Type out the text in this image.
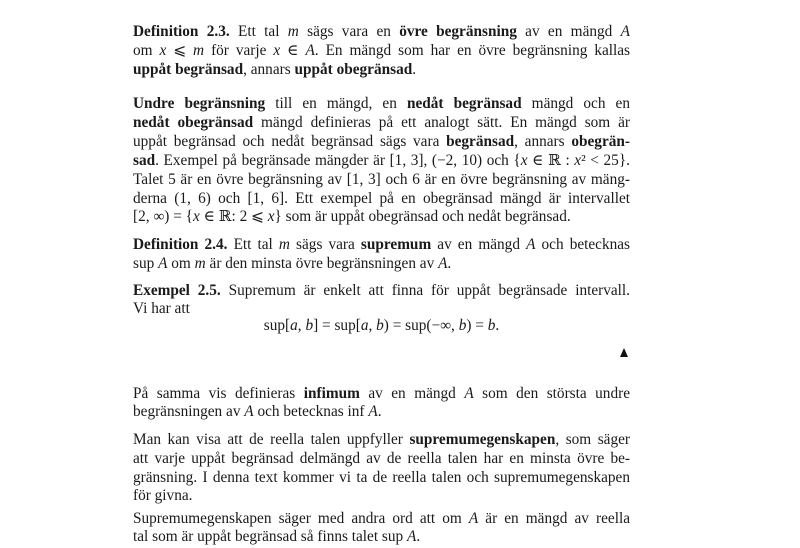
Definition 2.3. Ett tal m sägs vara en övre begränsning av en mängd A
om x ⩽ m för varje x ∈ A. En mängd som har en övre begränsning kallas
uppåt begränsad, annars uppåt obegränsad.
Undre begränsning till en mängd, en nedåt begränsad mängd och en
nedåt obegränsad mängd definieras på ett analogt sätt. En mängd som är
uppåt begränsad och nedåt begränsad sägs vara begränsad, annars obegrän-
sad. Exempel på begränsade mängder är [1, 3], (−2, 10) och {x ∈ ℝ : x² < 25}.
Talet 5 är en övre begränsning av [1, 3] och 6 är en övre begränsning av mäng-
derna (1, 6) och [1, 6]. Ett exempel på en obegränsad mängd är intervallet
[2, ∞) = {x ∈ ℝ: 2 ⩽ x} som är uppåt obegränsad och nedåt begränsad.
Definition 2.4. Ett tal m sägs vara supremum av en mängd A och betecknas
sup A om m är den minsta övre begränsningen av A.
Exempel 2.5. Supremum är enkelt att finna för uppåt begränsade intervall.
Vi har att
sup[a, b] = sup[a, b) = sup(−∞, b) = b.
På samma vis definieras infimum av en mängd A som den största undre
begränsningen av A och betecknas inf A.
Man kan visa att de reella talen uppfyller supremumegenskapen, som säger
att varje uppåt begränsad delmängd av de reella talen har en minsta övre be-
gränsning. I denna text kommer vi ta de reella talen och supremumegenskapen
för givna.
Supremumegenskapen säger med andra ord att om A är en mängd av reella
tal som är uppåt begränsad så finns talet sup A.
